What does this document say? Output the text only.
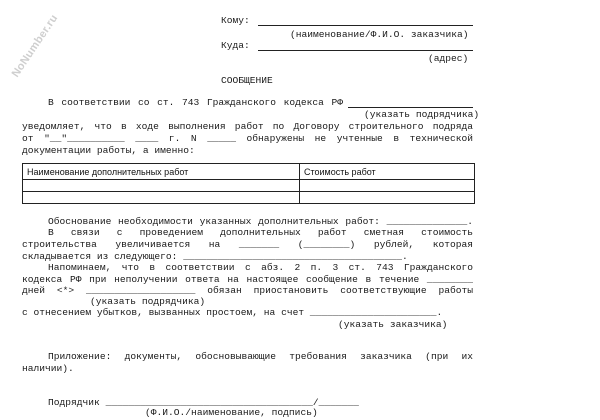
NoNumber.ru	Кому:
(наименование/Ф.И.О. заказчика)
Куда:
(адрес)
СООБЩЕНИЕ
В соответствии со ст. 743 Гражданского кодекса РФ
(указать подрядчика)
уведомляет, что в ходе выполнения работ по Договору строительного подряда
от "__"__________ ____ г. N _____ обнаружены не учтенные в технической
документации работы, а именно:
Наименование дополнительных работ	Стоимость работ

Обоснование необходимости указанных дополнительных работ: ______________.
В связи с проведением дополнительных работ сметная стоимость
строительства увеличивается на _______ (________) рублей, которая
складывается из следующего: ______________________________________.
Напоминаем, что в соответствии с абз. 2 п. 3 ст. 743 Гражданского
кодекса РФ при неполучении ответа на настоящее сообщение в течение ________
дней <*> ___________________ обязан приостановить соответствующие работы
(указать подрядчика)
с отнесением убытков, вызванных простоем, на счет ______________________.
(указать заказчика)
Приложение: документы, обосновывающие требования заказчика (при их
наличии).
Подрядчик ____________________________________/_______
(Ф.И.О./наименование, подпись)
